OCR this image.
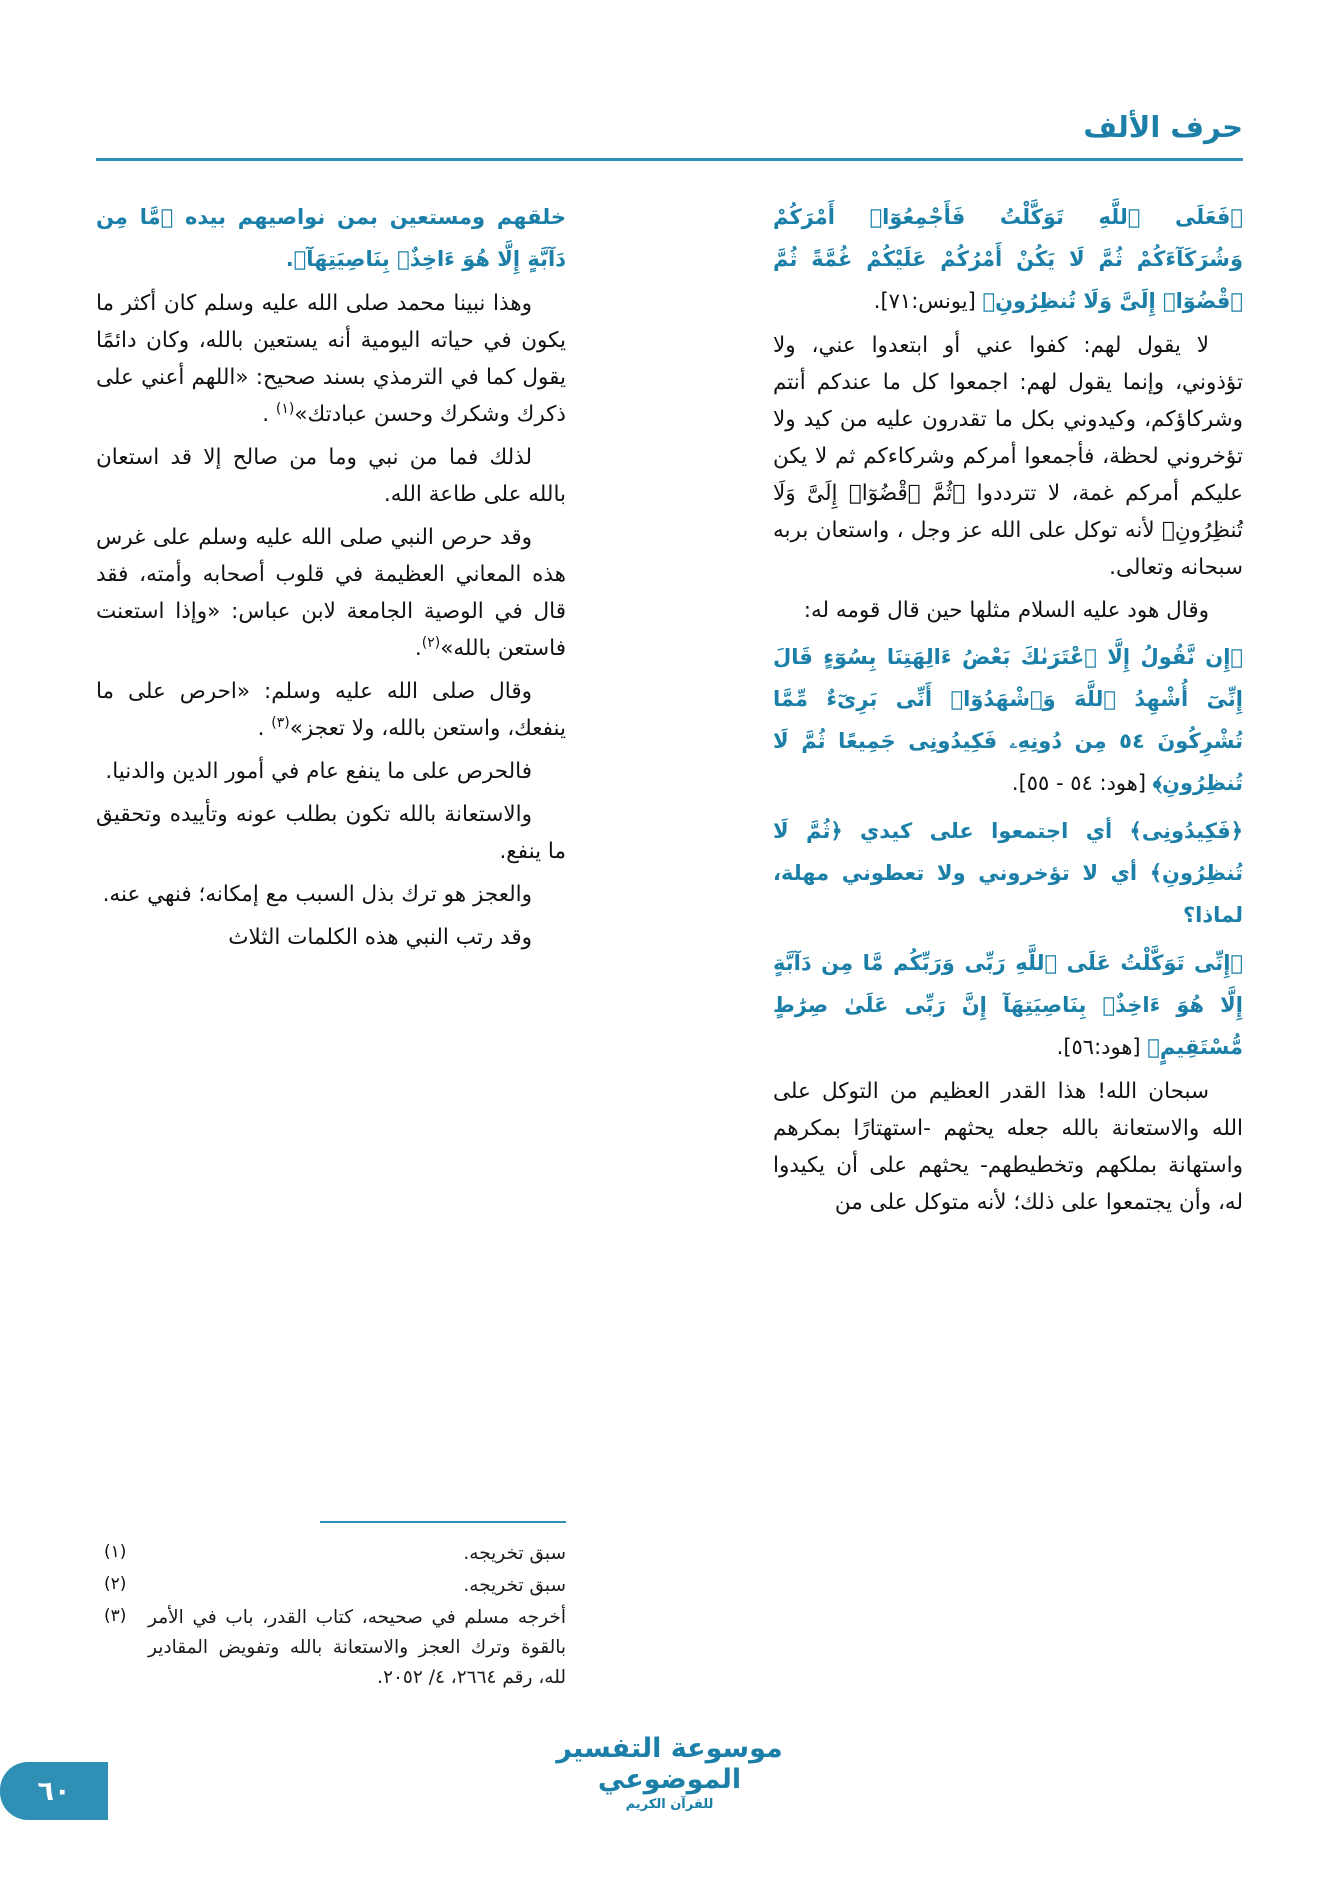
حرف الألف

﴿فَعَلَى ٱللَّهِ تَوَكَّلْتُ فَأَجْمِعُوٓا۟ أَمْرَكُمْ وَشُرَكَآءَكُمْ ثُمَّ لَا يَكُنْ أَمْرُكُمْ عَلَيْكُمْ غُمَّةً ثُمَّ ٱقْضُوٓا۟ إِلَىَّ وَلَا تُنظِرُونِ﴾ [يونس:٧١].

لا يقول لهم: كفوا عني أو ابتعدوا عني، ولا تؤذوني، وإنما يقول لهم: اجمعوا كل ما عندكم أنتم وشركاؤكم، وكيدوني بكل ما تقدرون عليه من كيد ولا تؤخروني لحظة، فأجمعوا أمركم وشركاءكم ثم لا يكن عليكم أمركم غمة، لا تترددوا ﴿ثُمَّ ٱقْضُوٓا۟ إِلَىَّ وَلَا تُنظِرُونِ﴾ لأنه توكل على الله عز وجل ، واستعان بربه سبحانه وتعالى.

وقال هود عليه السلام مثلها حين قال قومه له:

﴿إِن نَّقُولُ إِلَّا ٱعْتَرَىٰكَ بَعْضُ ءَالِهَتِنَا بِسُوٓءٍ قَالَ إِنِّىٓ أُشْهِدُ ٱللَّهَ وَٱشْهَدُوٓا۟ أَنِّى بَرِىٓءٌ مِّمَّا تُشْرِكُونَ ٥٤ مِن دُونِهِۦ فَكِيدُونِى جَمِيعًا ثُمَّ لَا تُنظِرُونِ﴾ [هود: ٥٤ - ٥٥].

﴿فَكِيدُونِى﴾ أي اجتمعوا على كيدي ﴿ثُمَّ لَا تُنظِرُونِ﴾ أي لا تؤخروني ولا تعطوني مهلة، لماذا؟

﴿إِنِّى تَوَكَّلْتُ عَلَى ٱللَّهِ رَبِّى وَرَبِّكُم مَّا مِن دَآبَّةٍ إِلَّا هُوَ ءَاخِذٌۢ بِنَاصِيَتِهَآ إِنَّ رَبِّى عَلَىٰ صِرَٰطٍ مُّسْتَقِيمٍ﴾ [هود:٥٦].

سبحان الله! هذا القدر العظيم من التوكل على الله والاستعانة بالله جعله يحثهم -استهتارًا بمكرهم واستهانة بملكهم وتخطيطهم- يحثهم على أن يكيدوا له، وأن يجتمعوا على ذلك؛ لأنه متوكل على من

خلقهم ومستعين بمن نواصيهم بيده ﴿مَّا مِن دَآبَّةٍ إِلَّا هُوَ ءَاخِذٌۢ بِنَاصِيَتِهَآ﴾.

وهذا نبينا محمد صلى الله عليه وسلم كان أكثر ما يكون في حياته اليومية أنه يستعين بالله، وكان دائمًا يقول كما في الترمذي بسند صحيح: «اللهم أعني على ذكرك وشكرك وحسن عبادتك»$^{(١)}$ .

لذلك فما من نبي وما من صالح إلا قد استعان بالله على طاعة الله.

وقد حرص النبي صلى الله عليه وسلم على غرس هذه المعاني العظيمة في قلوب أصحابه وأمته، فقد قال في الوصية الجامعة لابن عباس: «وإذا استعنت فاستعن بالله»$^{(٢)}$.

وقال صلى الله عليه وسلم: «احرص على ما ينفعك، واستعن بالله، ولا تعجز»$^{(٣)}$ .

فالحرص على ما ينفع عام في أمور الدين والدنيا.

والاستعانة بالله تكون بطلب عونه وتأييده وتحقيق ما ينفع.

والعجز هو ترك بذل السبب مع إمكانه؛ فنهي عنه.

وقد رتب النبي هذه الكلمات الثلاث

(١)	سبق تخريجه.
(٢)	سبق تخريجه.
(٣)	أخرجه مسلم في صحيحه، كتاب القدر، باب في الأمر بالقوة وترك العجز والاستعانة بالله وتفويض المقادير لله، رقم ٢٦٦٤، ٤/ ٢٠٥٢.
موسوعة التفسير الموضوعي
للقرآن الكريم
٦٠
